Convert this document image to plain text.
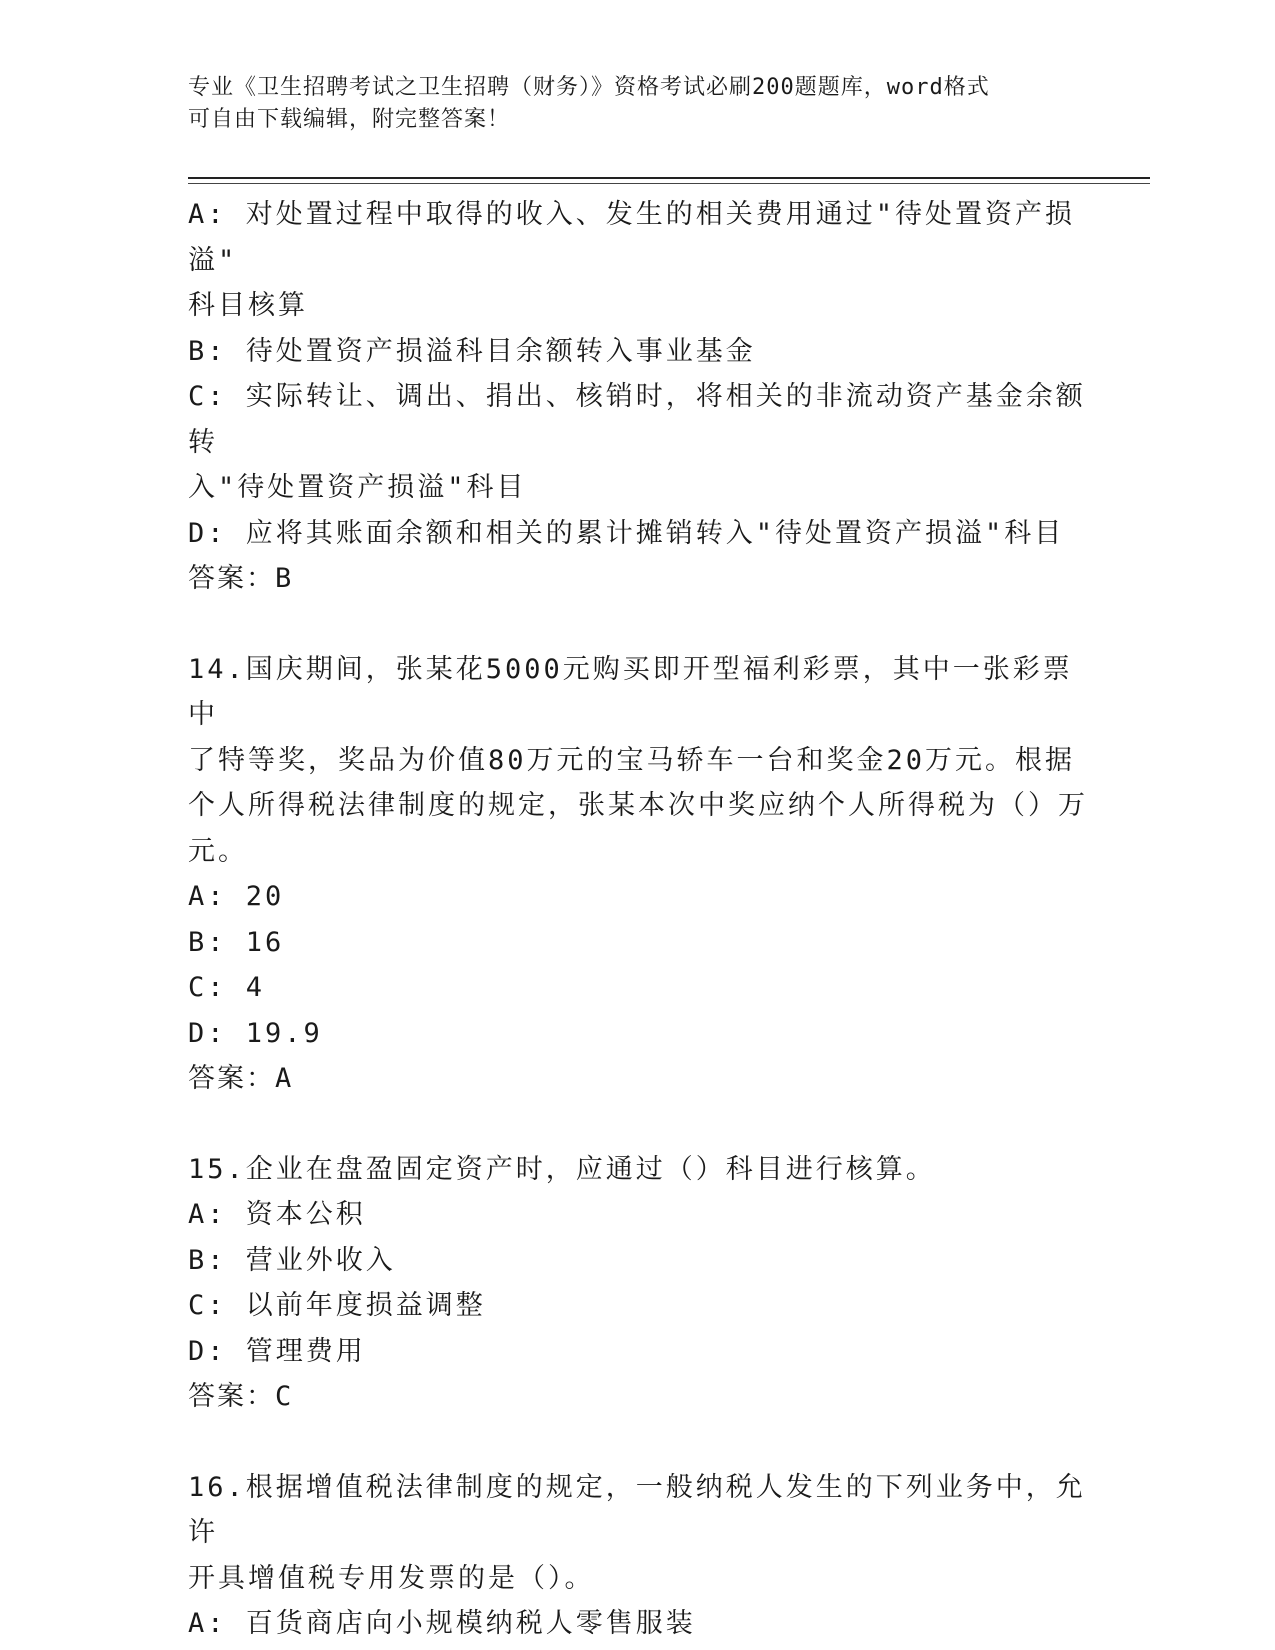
专业《卫生招聘考试之卫生招聘（财务）》资格考试必刷200题题库，word格式
可自由下载编辑，附完整答案！
A: 对处置过程中取得的收入、发生的相关费用通过"待处置资产损溢"
科目核算
B: 待处置资产损溢科目余额转入事业基金
C: 实际转让、调出、捐出、核销时，将相关的非流动资产基金余额转
入"待处置资产损溢"科目
D: 应将其账面余额和相关的累计摊销转入"待处置资产损溢"科目
答案：B
14.国庆期间，张某花5000元购买即开型福利彩票，其中一张彩票中
了特等奖，奖品为价值80万元的宝马轿车一台和奖金20万元。根据
个人所得税法律制度的规定，张某本次中奖应纳个人所得税为（）万
元。
A: 20
B: 16
C: 4
D: 19.9
答案：A
15.企业在盘盈固定资产时，应通过（）科目进行核算。
A: 资本公积
B: 营业外收入
C: 以前年度损益调整
D: 管理费用
答案：C
16.根据增值税法律制度的规定，一般纳税人发生的下列业务中，允许
开具增值税专用发票的是（）。
A: 百货商店向小规模纳税人零售服装
